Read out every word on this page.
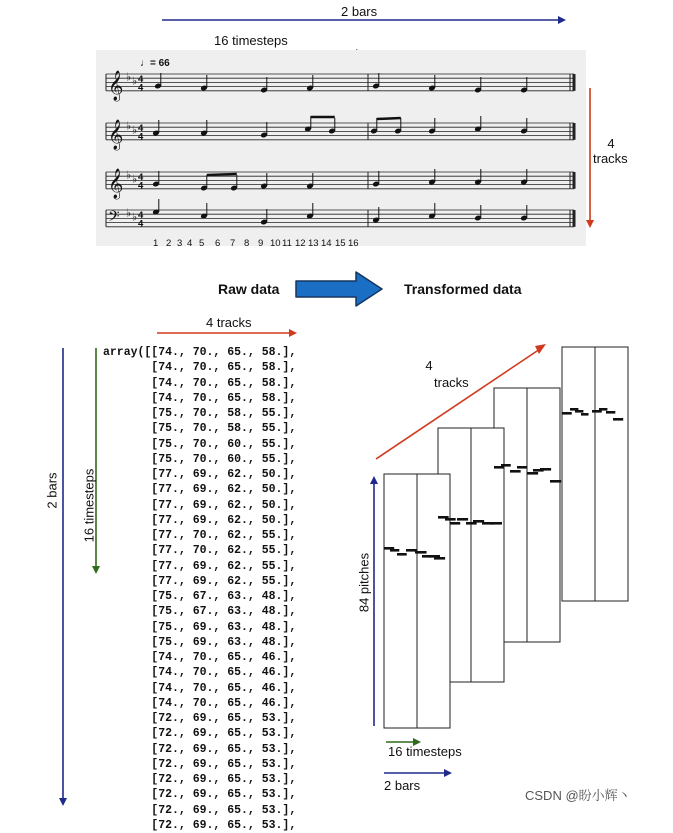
2 bars
16 timesteps
𝄞 ♭ ♭ 4
4
𝄞 ♭ ♭ 4
4
𝄞 ♭ ♭ 4
4
𝄢 ♭ ♭ 4
4
♩= 66
1 2 3 4 5 6 7 8 9 10 11 12 13 14 15 16
4
tracks
Raw data	Transformed data
4 tracks
2 bars 16 timesteps
array([[74., 70., 65., 58.],
[74., 70., 65., 58.],
[74., 70., 65., 58.],
[74., 70., 65., 58.],
[75., 70., 58., 55.],
[75., 70., 58., 55.],
[75., 70., 60., 55.],
[75., 70., 60., 55.],
[77., 69., 62., 50.],
[77., 69., 62., 50.],
[77., 69., 62., 50.],
[77., 69., 62., 50.],
[77., 70., 62., 55.],
[77., 70., 62., 55.],
[77., 69., 62., 55.],
[77., 69., 62., 55.],
[75., 67., 63., 48.],
[75., 67., 63., 48.],
[75., 69., 63., 48.],
[75., 69., 63., 48.],
[74., 70., 65., 46.],
[74., 70., 65., 46.],
[74., 70., 65., 46.],
[74., 70., 65., 46.],
[72., 69., 65., 53.],
[72., 69., 65., 53.],
[72., 69., 65., 53.],
[72., 69., 65., 53.],
[72., 69., 65., 53.],
[72., 69., 65., 53.],
[72., 69., 65., 53.],
[72., 69., 65., 53.],
4
tracks
84 pitches
16 timesteps
2 bars
CSDN @盼小辉丶
